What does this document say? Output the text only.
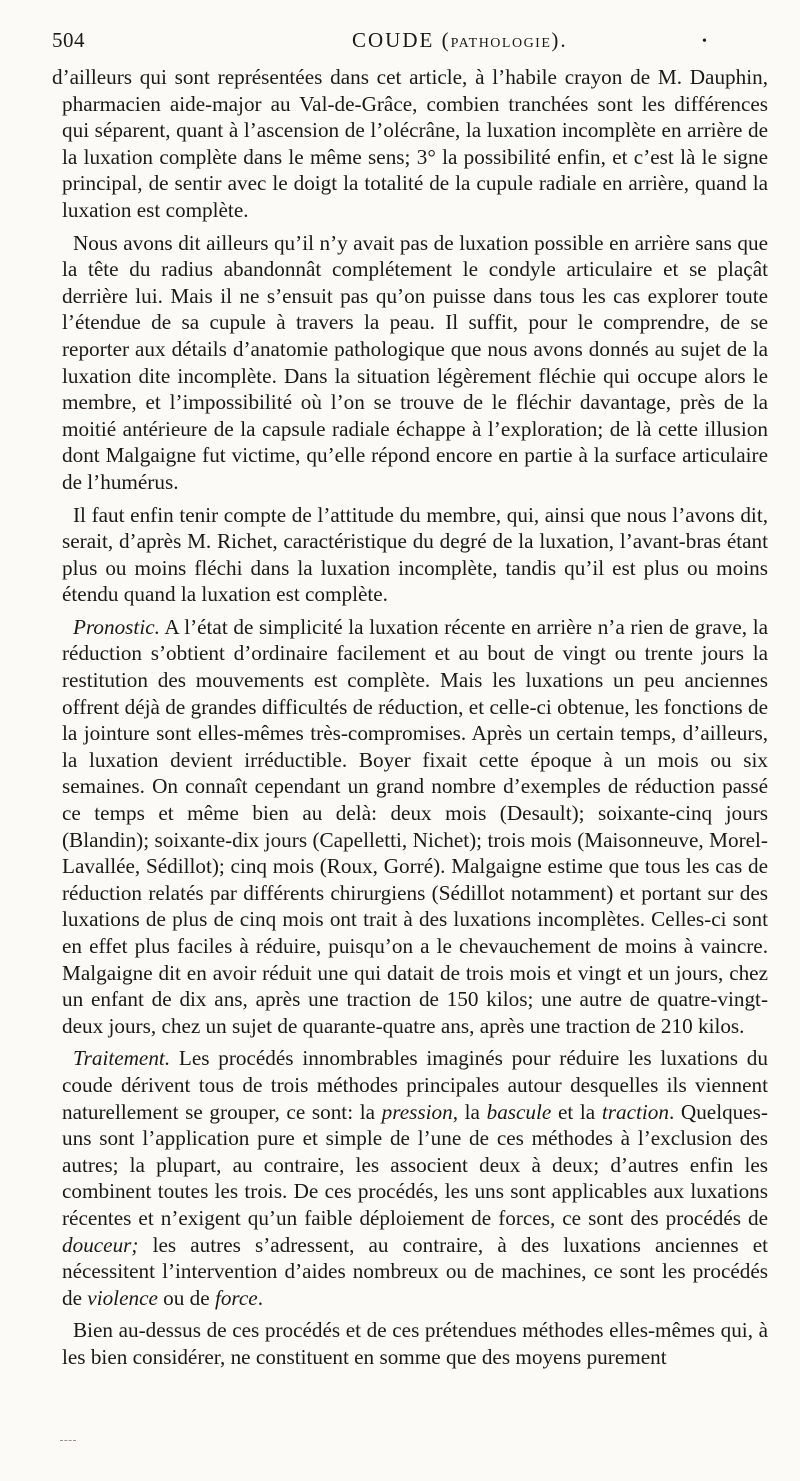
504	COUDE (PATHOLOGIE).	•

d’ailleurs qui sont représentées dans cet article, à l’habile crayon de M. Dauphin, pharmacien aide-major au Val-de-Grâce, combien tranchées sont les différences qui séparent, quant à l’ascension de l’olécrâne, la luxation incomplète en arrière de la luxation complète dans le même sens; 3° la possibilité enfin, et c’est là le signe principal, de sentir avec le doigt la totalité de la cupule radiale en arrière, quand la luxation est complète.

Nous avons dit ailleurs qu’il n’y avait pas de luxation possible en arrière sans que la tête du radius abandonnât complétement le condyle articulaire et se plaçât derrière lui. Mais il ne s’ensuit pas qu’on puisse dans tous les cas explorer toute l’étendue de sa cupule à travers la peau. Il suffit, pour le comprendre, de se reporter aux détails d’anatomie pathologique que nous avons donnés au sujet de la luxation dite incomplète. Dans la situation légèrement fléchie qui occupe alors le membre, et l’impossibilité où l’on se trouve de le fléchir davantage, près de la moitié antérieure de la capsule radiale échappe à l’exploration; de là cette illusion dont Malgaigne fut victime, qu’elle répond encore en partie à la surface articulaire de l’humérus.

Il faut enfin tenir compte de l’attitude du membre, qui, ainsi que nous l’avons dit, serait, d’après M. Richet, caractéristique du degré de la luxation, l’avant-bras étant plus ou moins fléchi dans la luxation incomplète, tandis qu’il est plus ou moins étendu quand la luxation est complète.

Pronostic. A l’état de simplicité la luxation récente en arrière n’a rien de grave, la réduction s’obtient d’ordinaire facilement et au bout de vingt ou trente jours la restitution des mouvements est complète. Mais les luxations un peu anciennes offrent déjà de grandes difficultés de réduction, et celle-ci obtenue, les fonctions de la jointure sont elles-mêmes très-compromises. Après un certain temps, d’ailleurs, la luxation devient irréductible. Boyer fixait cette époque à un mois ou six semaines. On connaît cependant un grand nombre d’exemples de réduction passé ce temps et même bien au delà: deux mois (Desault); soixante-cinq jours (Blandin); soixante-dix jours (Capelletti, Nichet); trois mois (Maisonneuve, Morel-Lavallée, Sédillot); cinq mois (Roux, Gorré). Malgaigne estime que tous les cas de réduction relatés par différents chirurgiens (Sédillot notamment) et portant sur des luxations de plus de cinq mois ont trait à des luxations incomplètes. Celles-ci sont en effet plus faciles à réduire, puisqu’on a le chevauchement de moins à vaincre. Malgaigne dit en avoir réduit une qui datait de trois mois et vingt et un jours, chez un enfant de dix ans, après une traction de 150 kilos; une autre de quatre-vingt-deux jours, chez un sujet de quarante-quatre ans, après une traction de 210 kilos.

Traitement. Les procédés innombrables imaginés pour réduire les luxations du coude dérivent tous de trois méthodes principales autour desquelles ils viennent naturellement se grouper, ce sont: la pression, la bascule et la traction. Quelques-uns sont l’application pure et simple de l’une de ces méthodes à l’exclusion des autres; la plupart, au contraire, les associent deux à deux; d’autres enfin les combinent toutes les trois. De ces procédés, les uns sont applicables aux luxations récentes et n’exigent qu’un faible déploiement de forces, ce sont des procédés de douceur; les autres s’adressent, au contraire, à des luxations anciennes et nécessitent l’intervention d’aides nombreux ou de machines, ce sont les procédés de violence ou de force.

Bien au-dessus de ces procédés et de ces prétendues méthodes elles-mêmes qui, à les bien considérer, ne constituent en somme que des moyens purement
